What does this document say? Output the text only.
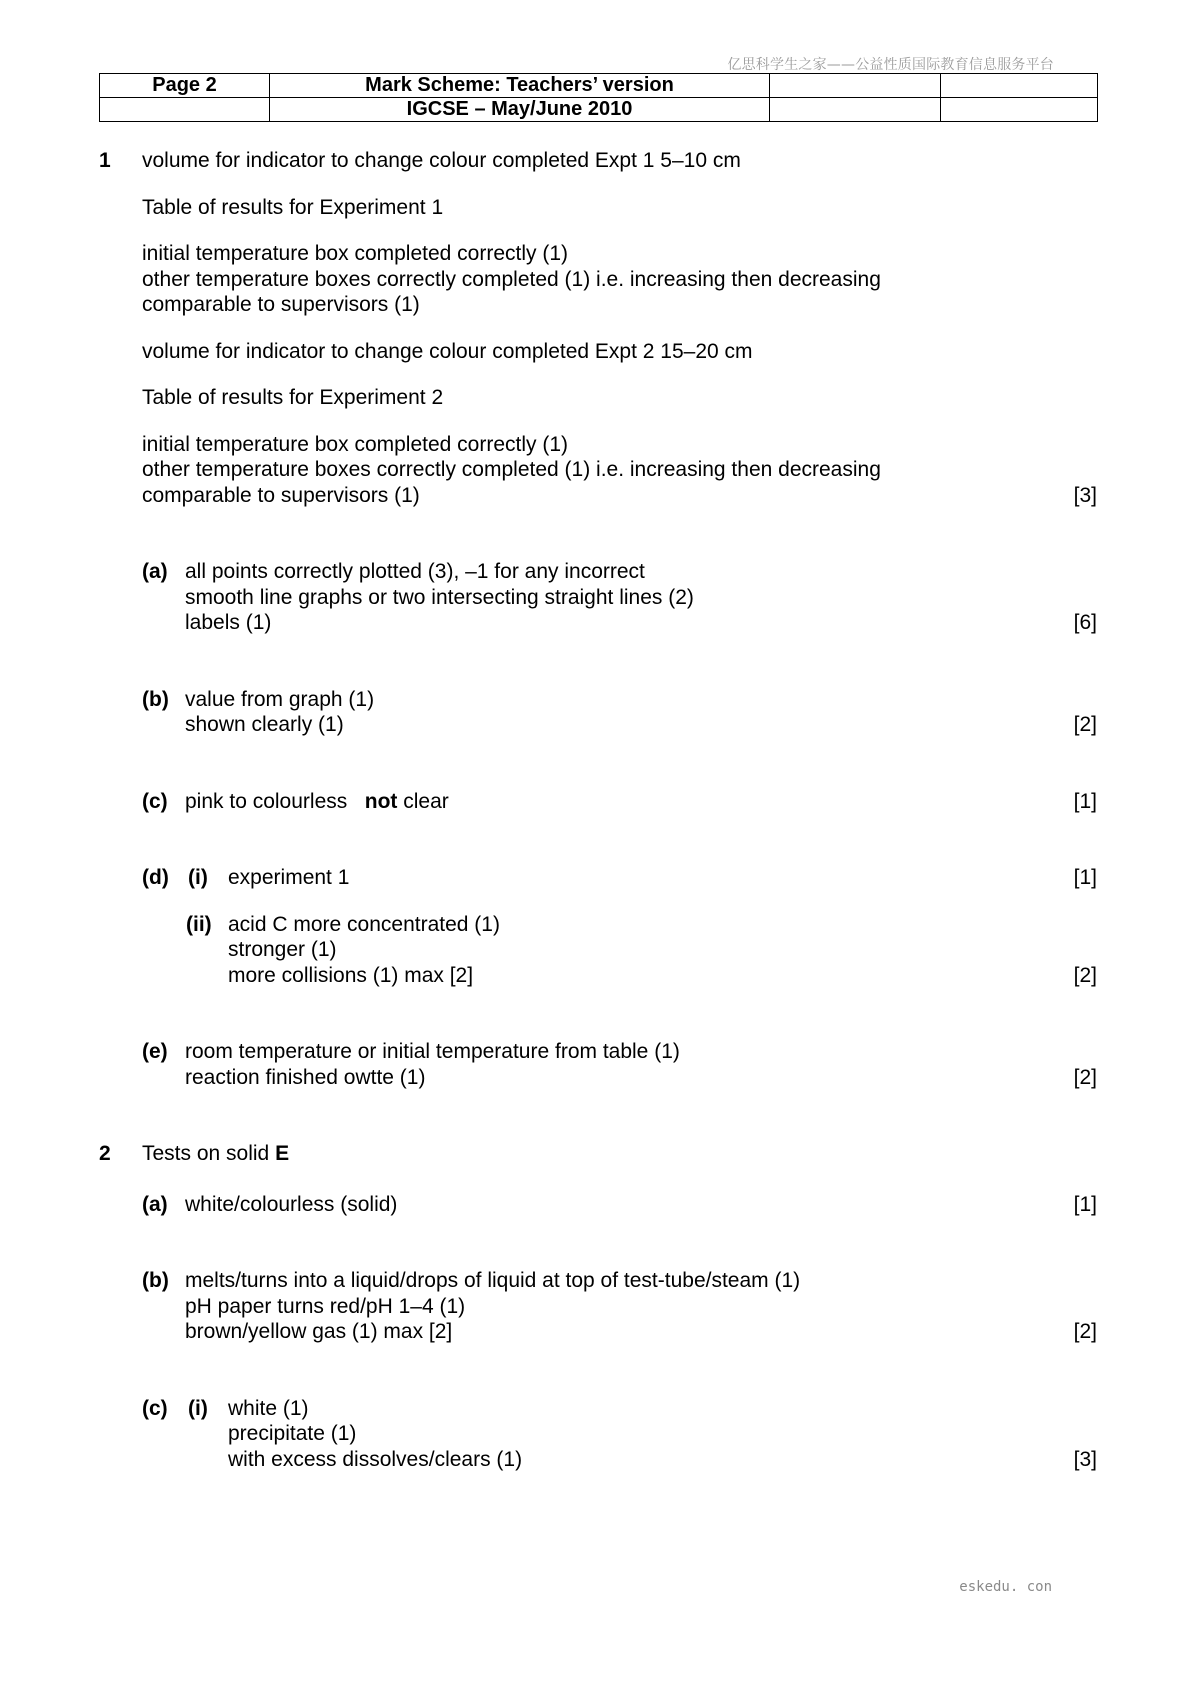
亿思科学生之家——公益性质国际教育信息服务平台
Page 2	Mark Scheme: Teachers’ version		
	IGCSE – May/June 2010		
1	volume for indicator to change colour completed Expt 1 5–10 cm
Table of results for Experiment 1
initial temperature box completed correctly (1)
other temperature boxes correctly completed (1) i.e. increasing then decreasing
comparable to supervisors (1)
volume for indicator to change colour completed Expt 2 15–20 cm
Table of results for Experiment 2
initial temperature box completed correctly (1)
other temperature boxes correctly completed (1) i.e. increasing then decreasing
comparable to supervisors (1)	[3]
(a) all points correctly plotted (3), –1 for any incorrect
smooth line graphs or two intersecting straight lines (2)
labels (1)	[6]
(b) value from graph (1)
shown clearly (1)	[2]
(c) pink to colourless not clear	[1]
(d) (i) experiment 1	[1]
(ii) acid C more concentrated (1)
stronger (1)
more collisions (1) max [2]	[2]
(e) room temperature or initial temperature from table (1)
reaction finished owtte (1)	[2]
2	Tests on solid E
(a) white/colourless (solid)	[1]
(b) melts/turns into a liquid/drops of liquid at top of test-tube/steam (1)
pH paper turns red/pH 1–4 (1)
brown/yellow gas (1) max [2]	[2]
(c) (i) white (1)
precipitate (1)
with excess dissolves/clears (1)	[3]
eskedu. con
